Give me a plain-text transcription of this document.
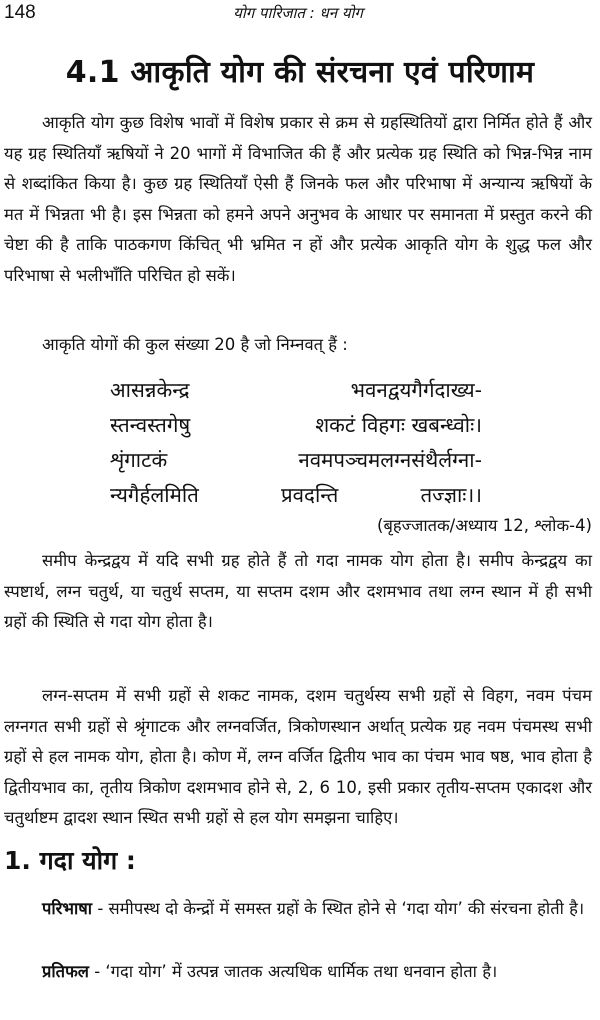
148	योग पारिजात : धन योग
4.1 आकृति योग की संरचना एवं परिणाम

आकृति योग कुछ विशेष भावों में विशेष प्रकार से क्रम से ग्रहस्थितियों द्वारा निर्मित होते हैं और यह ग्रह स्थितियाँ ऋषियों ने 20 भागों में विभाजित की हैं और प्रत्येक ग्रह स्थिति को भिन्न-भिन्न नाम से शब्दांकित किया है। कुछ ग्रह स्थितियाँ ऐसी हैं जिनके फल और परिभाषा में अन्यान्य ऋषियों के मत में भिन्नता भी है। इस भिन्नता को हमने अपने अनुभव के आधार पर समानता में प्रस्तुत करने की चेष्टा की है ताकि पाठकगण किंचित् भी भ्रमित न हों और प्रत्येक आकृति योग के शुद्ध फल और परिभाषा से भलीभाँति परिचित हो सकें।

आकृति योगों की कुल संख्या 20 है जो निम्नवत् हैं :

आसन्नकेन्द्र	भवनद्वयगैर्गदाख्य-
स्तन्वस्तगेषु	शकटं विहगः खबन्ध्वोः।
शृंगाटकं	नवमपञ्चमलग्नसंथैर्लग्ना-
न्यगैर्हलमिति	प्रवदन्ति	तज्ज्ञाः।।
(बृहज्जातक/अध्याय 12, श्लोक-4)

समीप केन्द्रद्वय में यदि सभी ग्रह होते हैं तो गदा नामक योग होता है। समीप केन्द्रद्वय का स्पष्टार्थ, लग्न चतुर्थ, या चतुर्थ सप्तम, या सप्तम दशम और दशमभाव तथा लग्न स्थान में ही सभी ग्रहों की स्थिति से गदा योग होता है।

लग्न-सप्तम में सभी ग्रहों से शकट नामक, दशम चतुर्थस्य सभी ग्रहों से विहग, नवम पंचम लग्नगत सभी ग्रहों से श्रृंगाटक और लग्नवर्जित, त्रिकोणस्थान अर्थात् प्रत्येक ग्रह नवम पंचमस्थ सभी ग्रहों से हल नामक योग, होता है। कोण में, लग्न वर्जित द्वितीय भाव का पंचम भाव षष्ठ, भाव होता है द्वितीयभाव का, तृतीय त्रिकोण दशमभाव होने से, 2, 6 10, इसी प्रकार तृतीय-सप्तम एकादश और चतुर्थाष्टम द्वादश स्थान स्थित सभी ग्रहों से हल योग समझना चाहिए।

1. गदा योग :

परिभाषा - समीपस्थ दो केन्द्रों में समस्त ग्रहों के स्थित होने से ‘गदा योग’ की संरचना होती है।

प्रतिफल - ‘गदा योग’ में उत्पन्न जातक अत्यधिक धार्मिक तथा धनवान होता है।
